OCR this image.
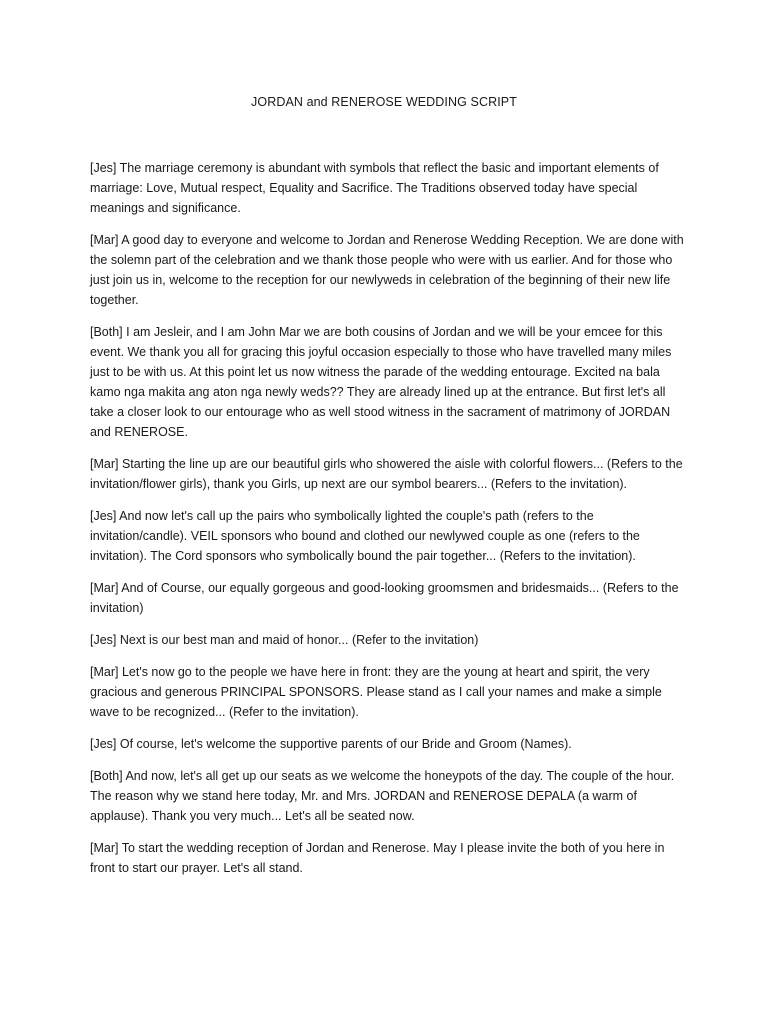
JORDAN and RENEROSE WEDDING SCRIPT

[Jes] The marriage ceremony is abundant with symbols that reflect the basic and important elements of marriage: Love, Mutual respect, Equality and Sacrifice. The Traditions observed today have special meanings and significance.

[Mar] A good day to everyone and welcome to Jordan and Renerose Wedding Reception. We are done with the solemn part of the celebration and we thank those people who were with us earlier. And for those who just join us in, welcome to the reception for our newlyweds in celebration of the beginning of their new life together.

[Both] I am Jesleir, and I am John Mar we are both cousins of Jordan and we will be your emcee for this event. We thank you all for gracing this joyful occasion especially to those who have travelled many miles just to be with us. At this point let us now witness the parade of the wedding entourage. Excited na bala kamo nga makita ang aton nga newly weds?? They are already lined up at the entrance. But first let's all take a closer look to our entourage who as well stood witness in the sacrament of matrimony of JORDAN and RENEROSE.

[Mar] Starting the line up are our beautiful girls who showered the aisle with colorful flowers... (Refers to the invitation/flower girls), thank you Girls, up next are our symbol bearers... (Refers to the invitation).

[Jes] And now let's call up the pairs who symbolically lighted the couple's path (refers to the invitation/candle). VEIL sponsors who bound and clothed our newlywed couple as one (refers to the invitation). The Cord sponsors who symbolically bound the pair together... (Refers to the invitation).

[Mar] And of Course, our equally gorgeous and good-looking groomsmen and bridesmaids... (Refers to the invitation)

[Jes] Next is our best man and maid of honor... (Refer to the invitation)

[Mar] Let's now go to the people we have here in front: they are the young at heart and spirit, the very gracious and generous PRINCIPAL SPONSORS. Please stand as I call your names and make a simple wave to be recognized... (Refer to the invitation).

[Jes] Of course, let's welcome the supportive parents of our Bride and Groom (Names).

[Both] And now, let's all get up our seats as we welcome the honeypots of the day. The couple of the hour. The reason why we stand here today, Mr. and Mrs. JORDAN and RENEROSE DEPALA (a warm of applause). Thank you very much... Let's all be seated now.

[Mar] To start the wedding reception of Jordan and Renerose. May I please invite the both of you here in front to start our prayer. Let's all stand.
